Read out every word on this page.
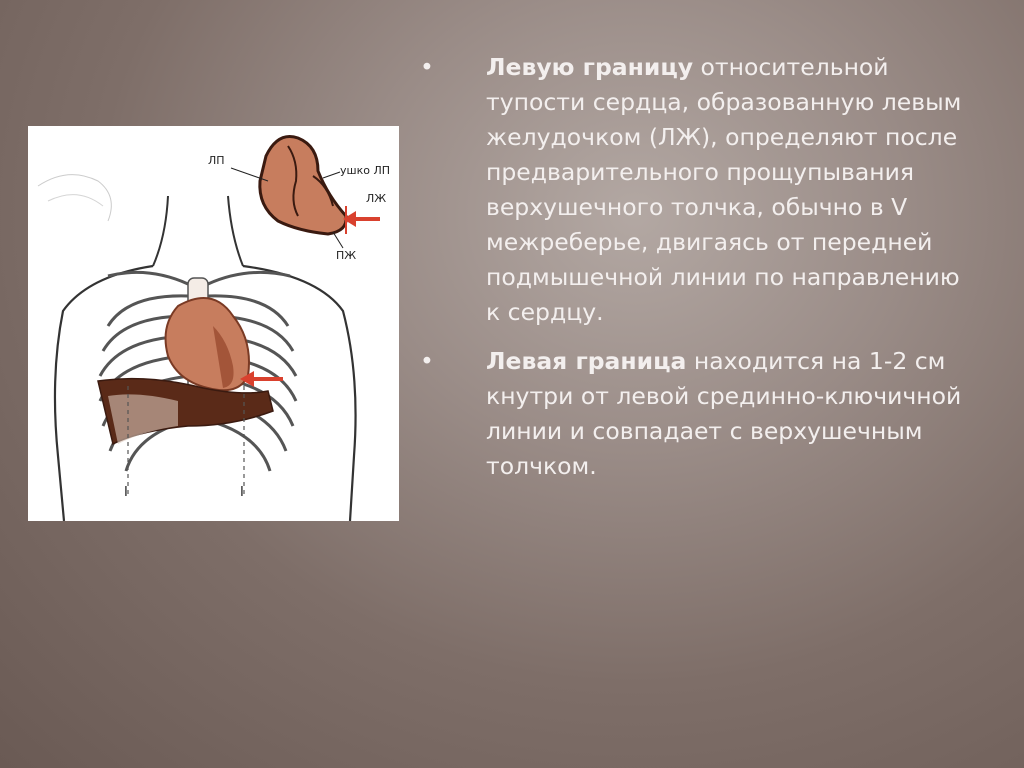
I	I
ЛП
ушко ЛП
ЛЖ
ПЖ

• Левую границу относительной тупости сердца, образованную левым желудочком (ЛЖ), определяют после предварительного прощупывания верхушечного толчка, обычно в V межреберье, двигаясь от передней подмышечной линии по направлению к сердцу.

• Левая граница находится на 1-2 см кнутри от левой срединно-ключичной линии и совпадает с верхушечным толчком.
